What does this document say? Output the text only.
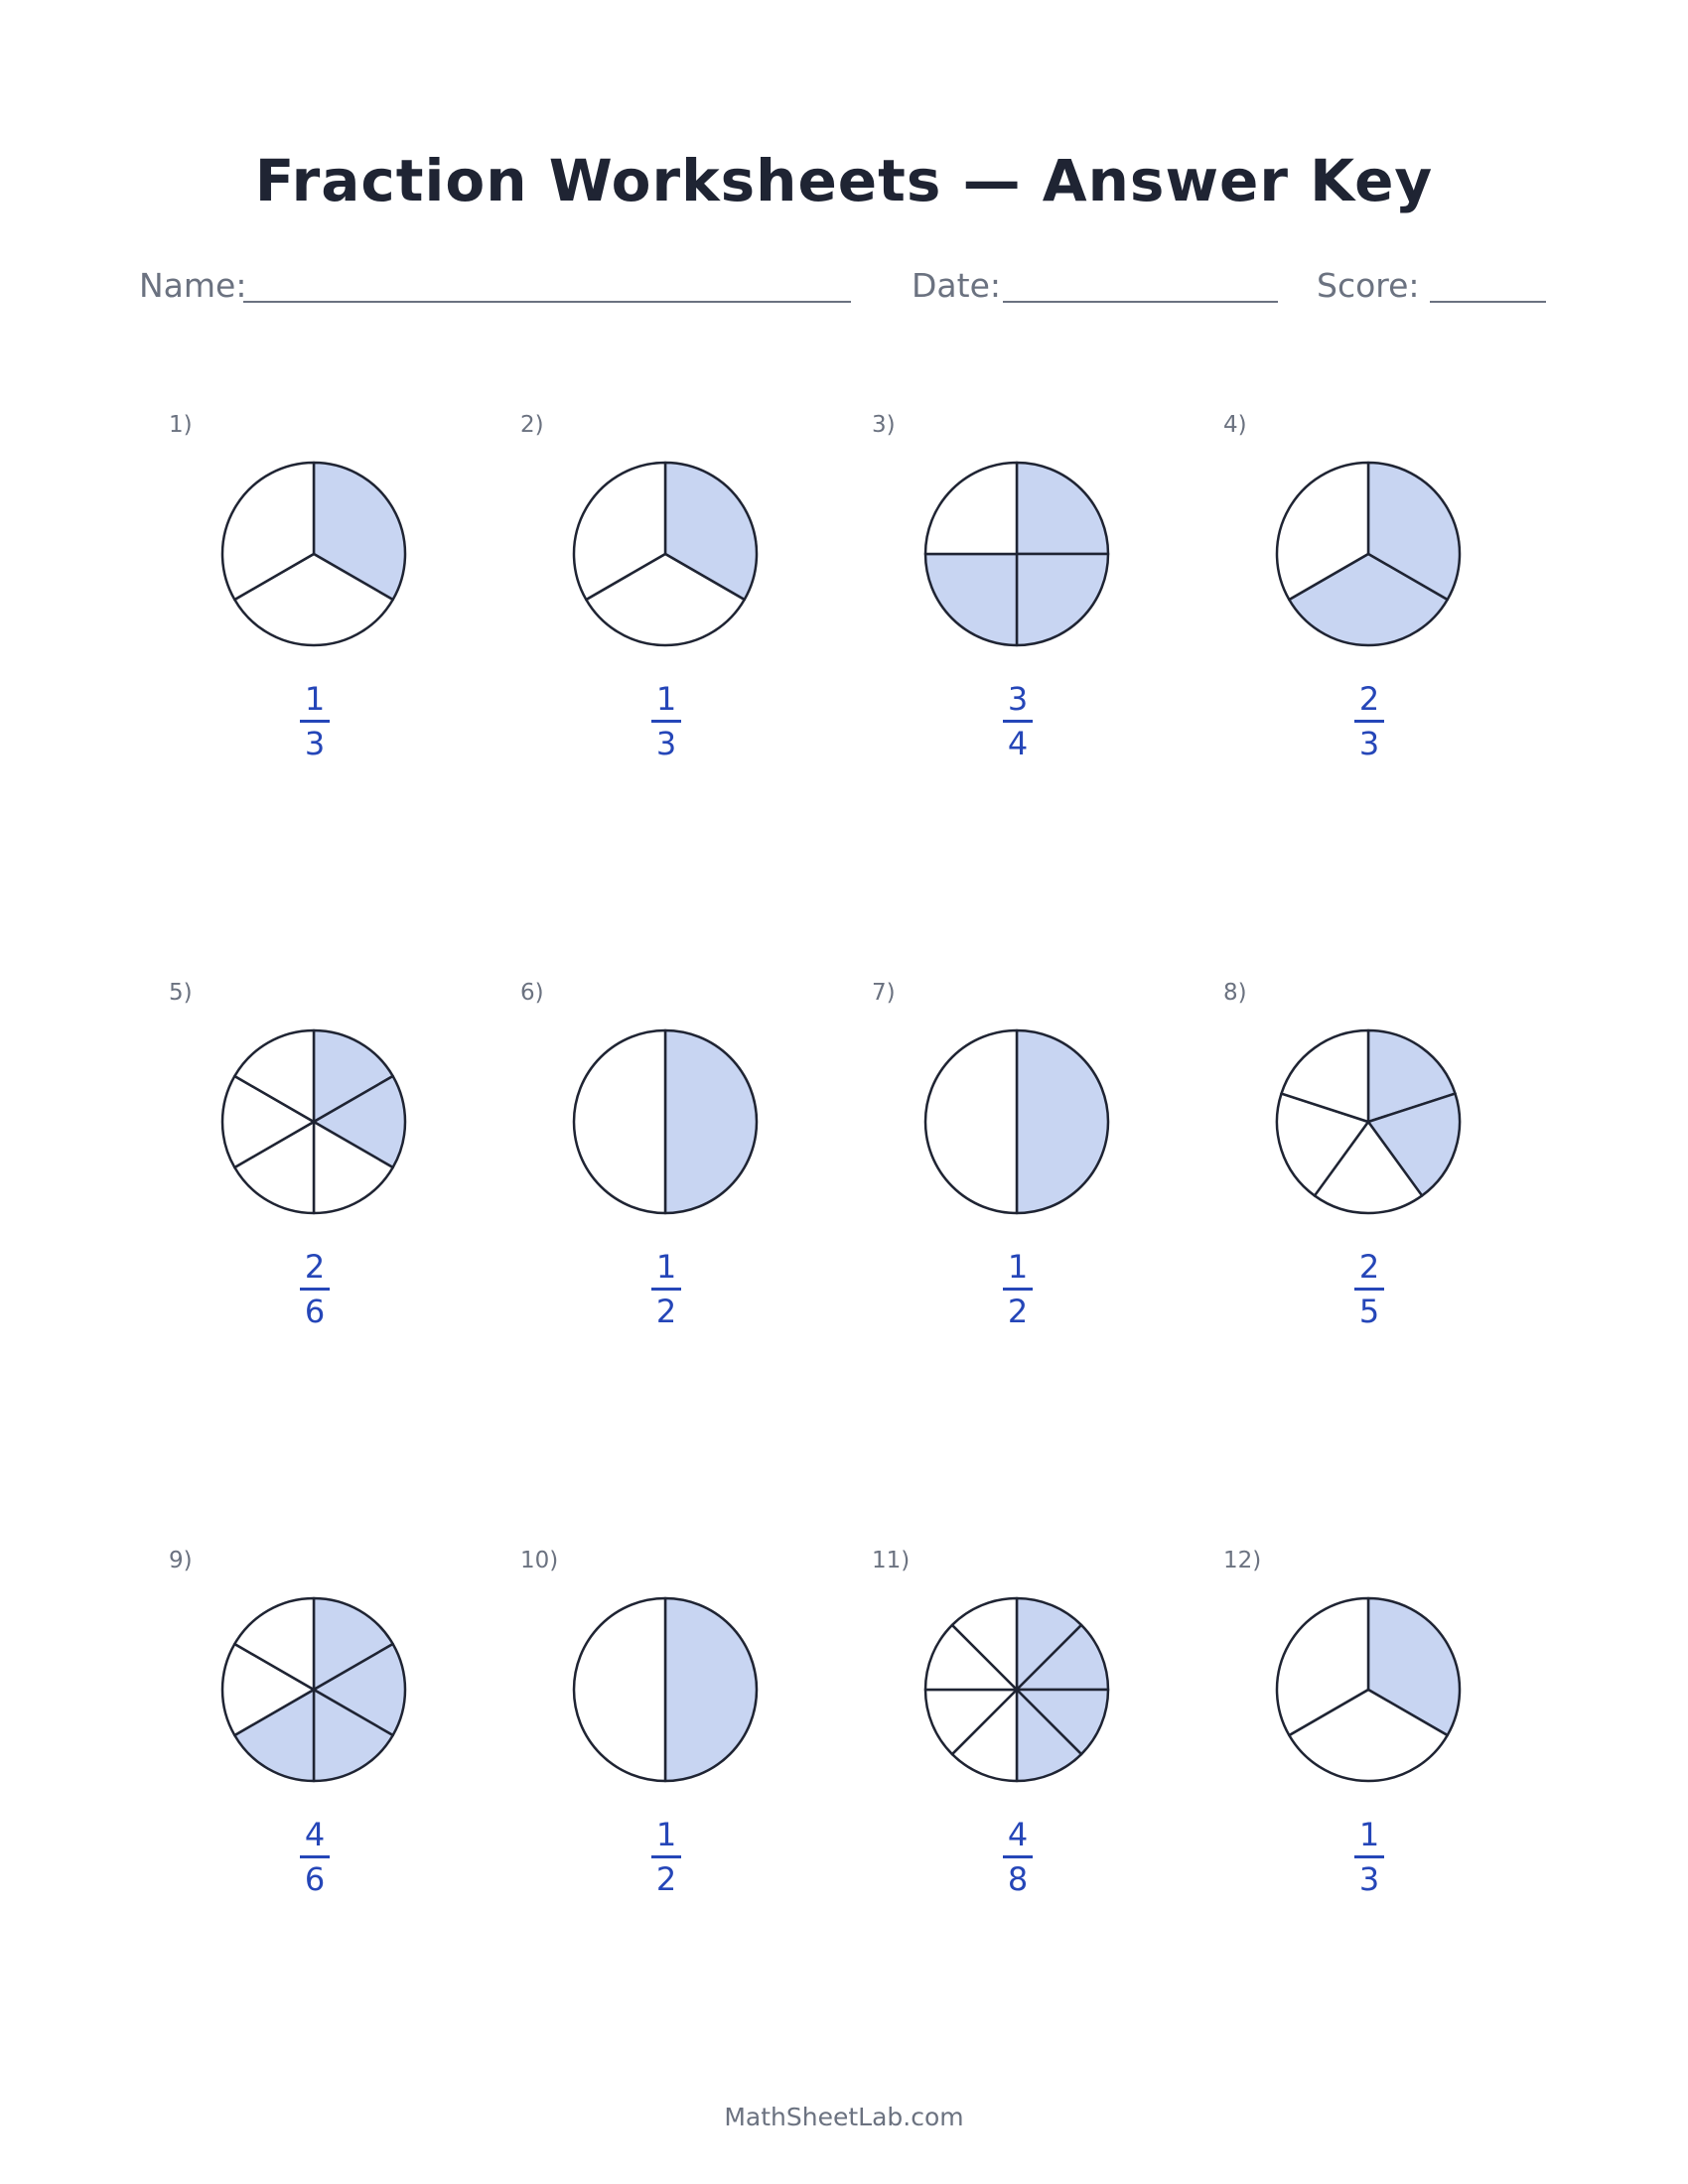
Fraction Worksheets — Answer Key
Name:	Date:	Score:
1)
1
3
2)
1
3
3)
3
4
4)
2
3
5)
2
6
6)
1
2
7)
1
2
8)
2
5
9)
4
6
10)
1
2
11)
4
8
12)
1
3
MathSheetLab.com
